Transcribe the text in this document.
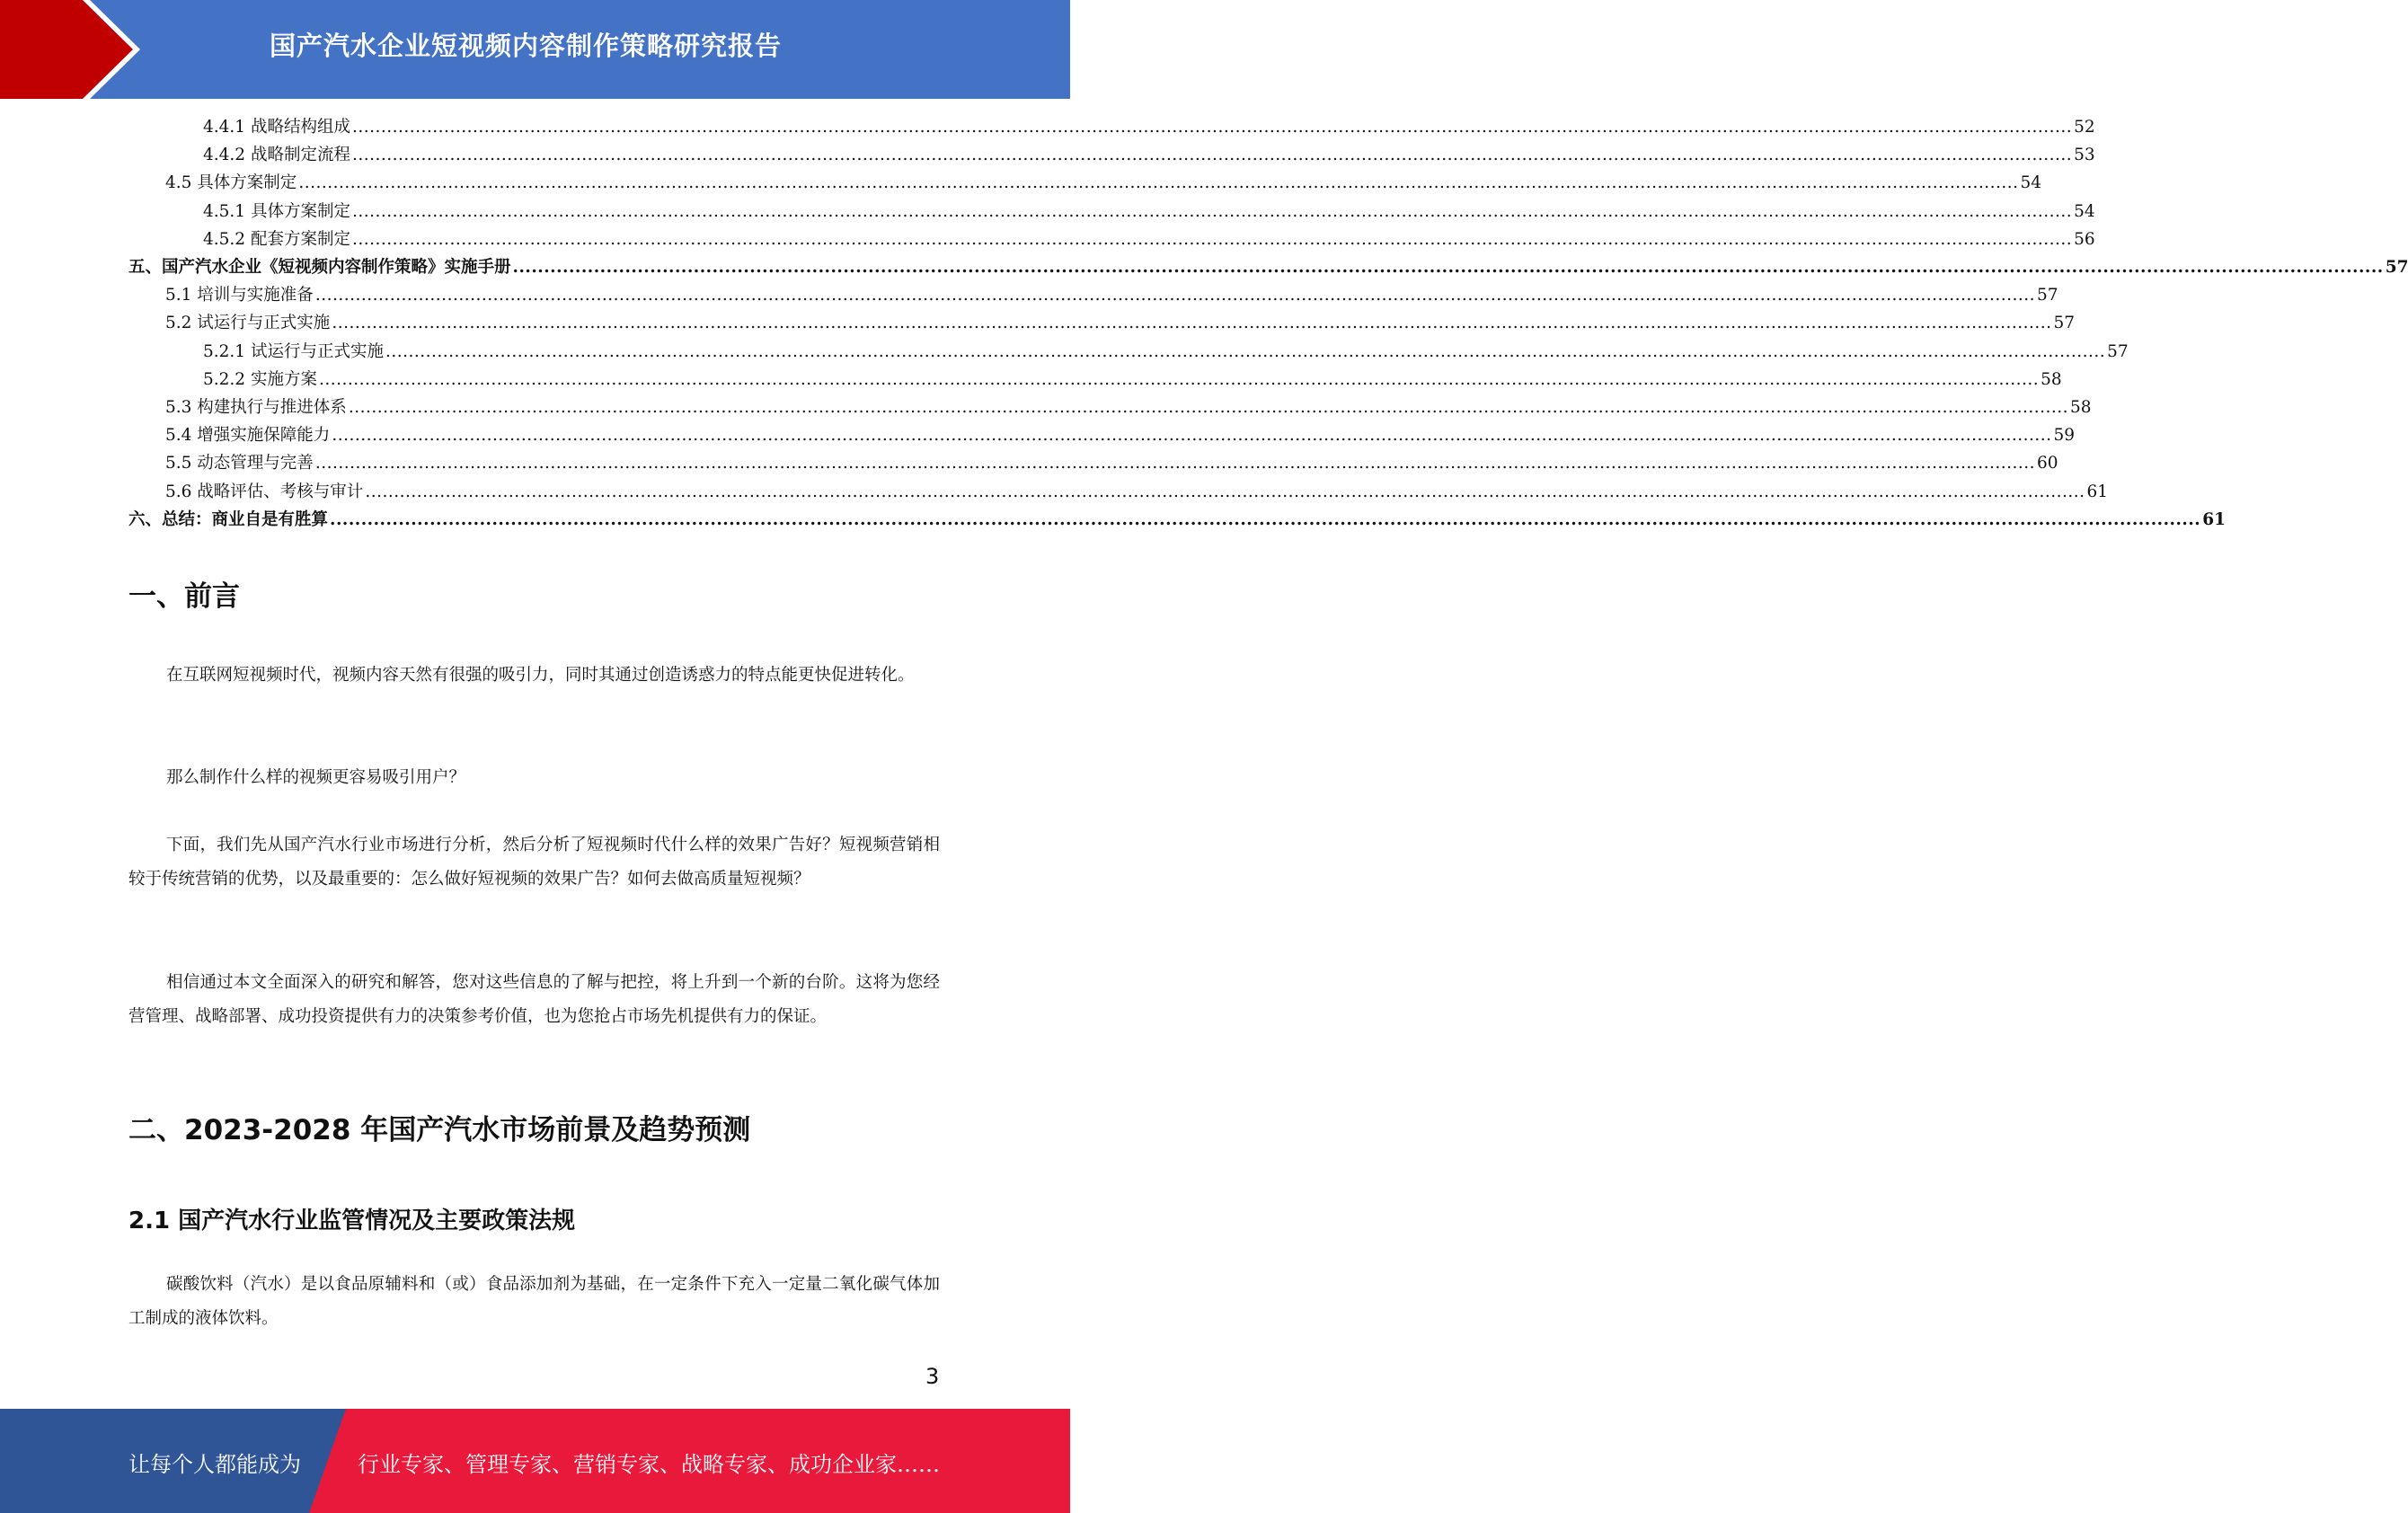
国产汽水企业短视频内容制作策略研究报告
4.4.1 战略结构组成 ............................................................................................................................................................................................................................................................................................................ 52
4.4.2 战略制定流程 ............................................................................................................................................................................................................................................................................................................ 53
4.5 具体方案制定 ............................................................................................................................................................................................................................................................................................................ 54
4.5.1 具体方案制定 ............................................................................................................................................................................................................................................................................................................ 54
4.5.2 配套方案制定 ............................................................................................................................................................................................................................................................................................................ 56
五、国产汽水企业《短视频内容制作策略》实施手册 ............................................................................................................................................................................................................................................................................................................ 57
5.1 培训与实施准备 ............................................................................................................................................................................................................................................................................................................ 57
5.2 试运行与正式实施 ............................................................................................................................................................................................................................................................................................................ 57
5.2.1 试运行与正式实施 ............................................................................................................................................................................................................................................................................................................ 57
5.2.2 实施方案 ............................................................................................................................................................................................................................................................................................................ 58
5.3 构建执行与推进体系 ............................................................................................................................................................................................................................................................................................................ 58
5.4 增强实施保障能力 ............................................................................................................................................................................................................................................................................................................ 59
5.5 动态管理与完善 ............................................................................................................................................................................................................................................................................................................ 60
5.6 战略评估、考核与审计 ............................................................................................................................................................................................................................................................................................................ 61
六、总结：商业自是有胜算 ............................................................................................................................................................................................................................................................................................................ 61
一、前言
在互联网短视频时代，视频内容天然有很强的吸引力，同时其通过创造诱惑力的特点能更快促进转化。
那么制作什么样的视频更容易吸引用户？
下面，我们先从国产汽水行业市场进行分析，然后分析了短视频时代什么样的效果广告好？短视频营销相较于传统营销的优势，以及最重要的：怎么做好短视频的效果广告？如何去做高质量短视频？
相信通过本文全面深入的研究和解答，您对这些信息的了解与把控，将上升到一个新的台阶。这将为您经营管理、战略部署、成功投资提供有力的决策参考价值，也为您抢占市场先机提供有力的保证。
二、2023-2028 年国产汽水市场前景及趋势预测
2.1 国产汽水行业监管情况及主要政策法规
碳酸饮料（汽水）是以食品原辅料和（或）食品添加剂为基础，在一定条件下充入一定量二氧化碳气体加工制成的液体饮料。
3
让每个人都能成为	行业专家、管理专家、营销专家、战略专家、成功企业家……
